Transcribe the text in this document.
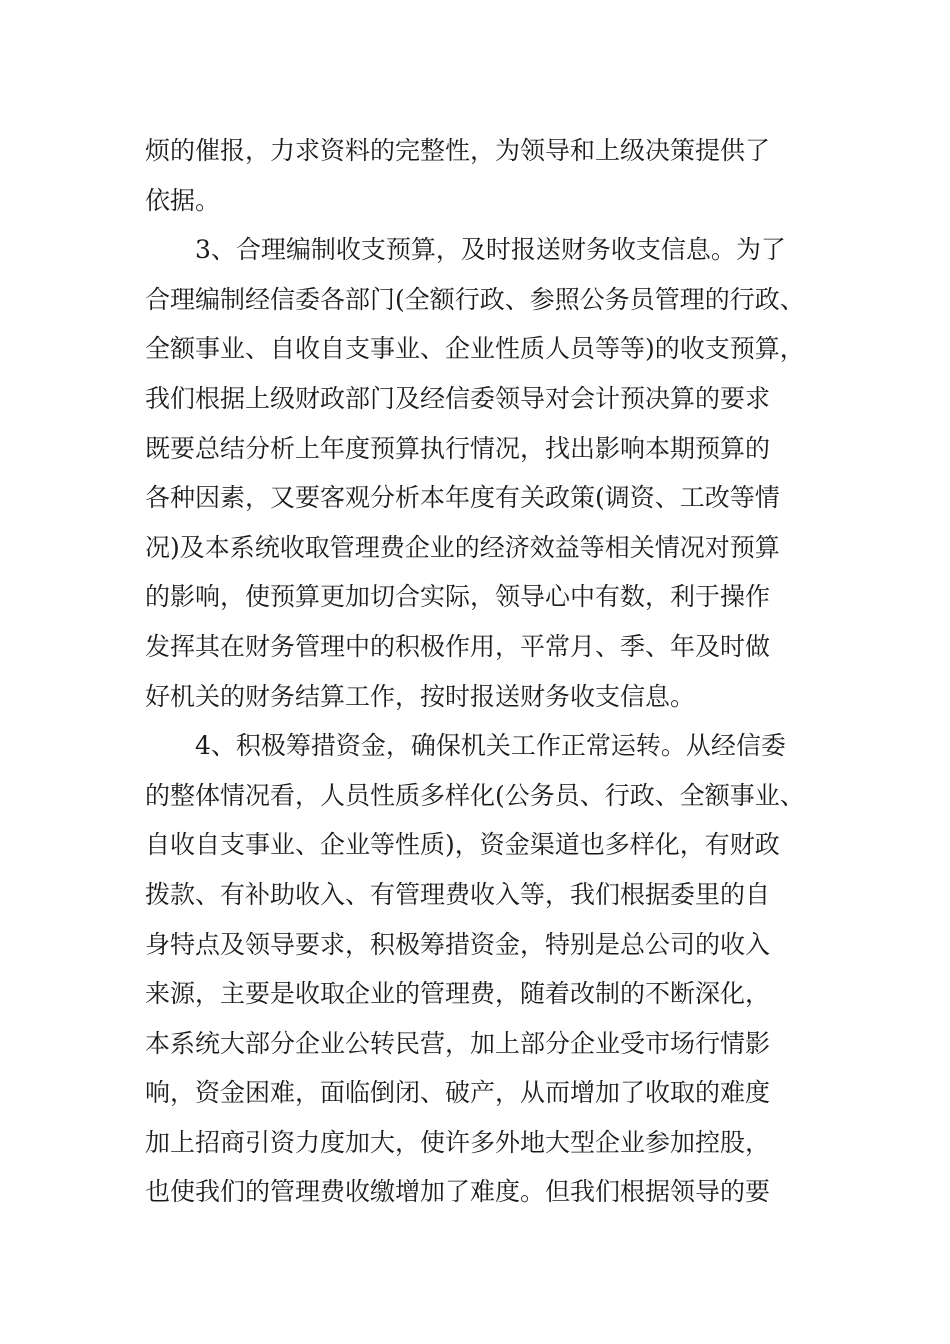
烦的催报，力求资料的完整性，为领导和上级决策提供了
依据。
3、合理编制收支预算，及时报送财务收支信息。为了
合理编制经信委各部门(全额行政、参照公务员管理的行政、
全额事业、自收自支事业、企业性质人员等等)的收支预算，
我们根据上级财政部门及经信委领导对会计预决算的要求
既要总结分析上年度预算执行情况，找出影响本期预算的
各种因素，又要客观分析本年度有关政策(调资、工改等情
况)及本系统收取管理费企业的经济效益等相关情况对预算
的影响，使预算更加切合实际，领导心中有数，利于操作
发挥其在财务管理中的积极作用，平常月、季、年及时做
好机关的财务结算工作，按时报送财务收支信息。
4、积极筹措资金，确保机关工作正常运转。从经信委
的整体情况看，人员性质多样化(公务员、行政、全额事业、
自收自支事业、企业等性质)，资金渠道也多样化，有财政
拨款、有补助收入、有管理费收入等，我们根据委里的自
身特点及领导要求，积极筹措资金，特别是总公司的收入
来源，主要是收取企业的管理费，随着改制的不断深化，
本系统大部分企业公转民营，加上部分企业受市场行情影
响，资金困难，面临倒闭、破产，从而增加了收取的难度
加上招商引资力度加大，使许多外地大型企业参加控股，
也使我们的管理费收缴增加了难度。但我们根据领导的要
